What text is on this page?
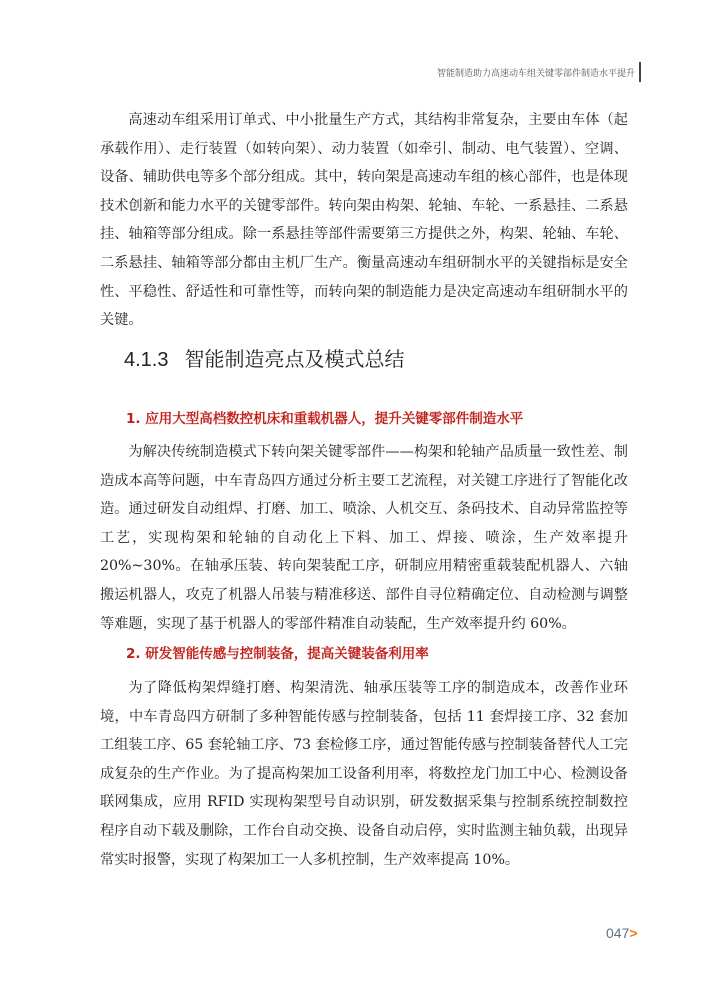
智能制造助力高速动车组关键零部件制造水平提升

高速动车组采用订单式、中小批量生产方式，其结构非常复杂，主要由车体（起承载作用）、走行装置（如转向架）、动力装置（如牵引、制动、电气装置）、空调、设备、辅助供电等多个部分组成。其中，转向架是高速动车组的核心部件，也是体现技术创新和能力水平的关键零部件。转向架由构架、轮轴、车轮、一系悬挂、二系悬挂、轴箱等部分组成。除一系悬挂等部件需要第三方提供之外，构架、轮轴、车轮、二系悬挂、轴箱等部分都由主机厂生产。衡量高速动车组研制水平的关键指标是安全性、平稳性、舒适性和可靠性等，而转向架的制造能力是决定高速动车组研制水平的关键。

4.1.3 智能制造亮点及模式总结
1. 应用大型高档数控机床和重载机器人，提升关键零部件制造水平

为解决传统制造模式下转向架关键零部件——构架和轮轴产品质量一致性差、制造成本高等问题，中车青岛四方通过分析主要工艺流程，对关键工序进行了智能化改造。通过研发自动组焊、打磨、加工、喷涂、人机交互、条码技术、自动异常监控等工艺，实现构架和轮轴的自动化上下料、加工、焊接、喷涂，生产效率提升 20%~30%。在轴承压装、转向架装配工序，研制应用精密重载装配机器人、六轴搬运机器人，攻克了机器人吊装与精准移送、部件自寻位精确定位、自动检测与调整等难题，实现了基于机器人的零部件精准自动装配，生产效率提升约 60%。

2. 研发智能传感与控制装备，提高关键装备利用率

为了降低构架焊缝打磨、构架清洗、轴承压装等工序的制造成本，改善作业环境，中车青岛四方研制了多种智能传感与控制装备，包括 11 套焊接工序、32 套加工组装工序、65 套轮轴工序、73 套检修工序，通过智能传感与控制装备替代人工完成复杂的生产作业。为了提高构架加工设备利用率，将数控龙门加工中心、检测设备联网集成，应用 RFID 实现构架型号自动识别，研发数据采集与控制系统控制数控程序自动下载及删除，工作台自动交换、设备自动启停，实时监测主轴负载，出现异常实时报警，实现了构架加工一人多机控制，生产效率提高 10%。

047>
